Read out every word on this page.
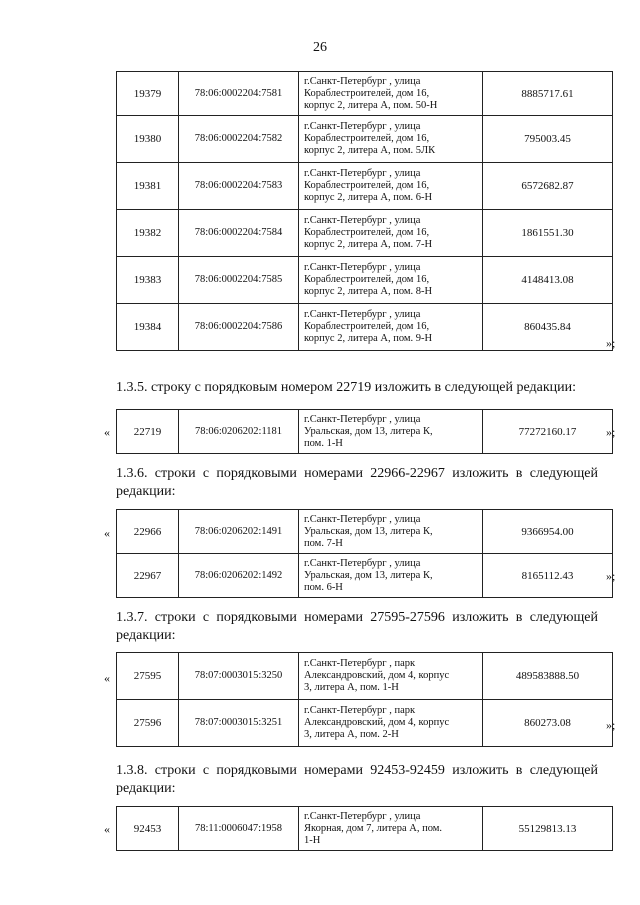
26
19379	78:06:0002204:7581	г.Санкт-Петербург , улица
Кораблестроителей, дом 16,
корпус 2, литера А, пом. 50-Н	8885717.61
19380	78:06:0002204:7582	г.Санкт-Петербург , улица
Кораблестроителей, дом 16,
корпус 2, литера А, пом. 5ЛК	795003.45
19381	78:06:0002204:7583	г.Санкт-Петербург , улица
Кораблестроителей, дом 16,
корпус 2, литера А, пом. 6-Н	6572682.87
19382	78:06:0002204:7584	г.Санкт-Петербург , улица
Кораблестроителей, дом 16,
корпус 2, литера А, пом. 7-Н	1861551.30
19383	78:06:0002204:7585	г.Санкт-Петербург , улица
Кораблестроителей, дом 16,
корпус 2, литера А, пом. 8-Н	4148413.08
19384	78:06:0002204:7586	г.Санкт-Петербург , улица
Кораблестроителей, дом 16,
корпус 2, литера А, пом. 9-Н	860435.84
»;
1.3.5. строку с порядковым номером 22719 изложить в следующей редакции:
« 22719	78:06:0206202:1181	
г.Санкт-Петербург , улица
Уральская, дом 13, литера К,
пом. 1-Н
	77272160.17 »;
1.3.6. строки с порядковыми номерами 22966-22967 изложить в следующей редакции:
« 22966	78:06:0206202:1491	г.Санкт-Петербург , улица
Уральская, дом 13, литера К,
пом. 7-Н	9366954.00
22967	78:06:0206202:1492	г.Санкт-Петербург , улица
Уральская, дом 13, литера К,
пом. 6-Н	8165112.43	»;
1.3.7. строки с порядковыми номерами 27595-27596 изложить в следующей редакции:
« 27595	78:07:0003015:3250	г.Санкт-Петербург , парк
Александровский, дом 4, корпус
3, литера А, пом. 1-Н	489583888.50
27596	78:07:0003015:3251	г.Санкт-Петербург , парк
Александровский, дом 4, корпус
3, литера А, пом. 2-Н	860273.08	»;
1.3.8. строки с порядковыми номерами 92453-92459 изложить в следующей редакции:
« 92453	78:11:0006047:1958	
г.Санкт-Петербург , улица
Якорная, дом 7, литера А, пом.
1-Н
	55129813.13
